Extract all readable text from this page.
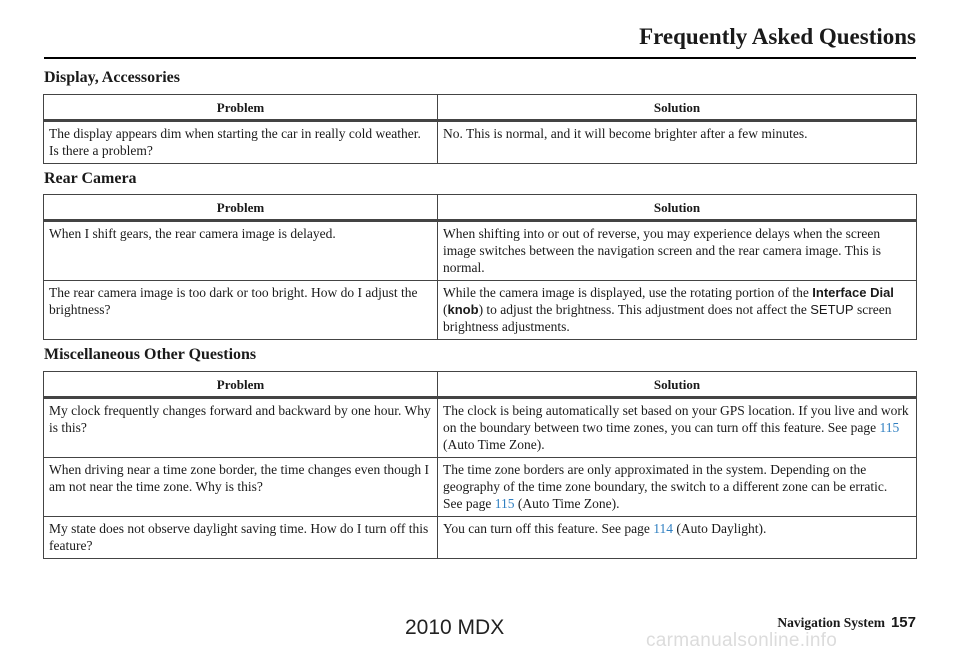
Frequently Asked Questions
Display, Accessories
Problem	Solution
The display appears dim when starting the car in really cold weather. Is there a problem?	No. This is normal, and it will become brighter after a few minutes.
Rear Camera
Problem	Solution
When I shift gears, the rear camera image is delayed.	When shifting into or out of reverse, you may experience delays when the screen image switches between the navigation screen and the rear camera image. This is normal.
The rear camera image is too dark or too bright. How do I adjust the brightness?	While the camera image is displayed, use the rotating portion of the Interface Dial (knob) to adjust the brightness. This adjustment does not affect the SETUP screen brightness adjustments.
Miscellaneous Other Questions
Problem	Solution
My clock frequently changes forward and backward by one hour. Why is this?	The clock is being automatically set based on your GPS location. If you live and work on the boundary between two time zones, you can turn off this feature. See page 115 (Auto Time Zone).
When driving near a time zone border, the time changes even though I am not near the time zone. Why is this?	The time zone borders are only approximated in the system. Depending on the geography of the time zone boundary, the switch to a different zone can be erratic. See page 115 (Auto Time Zone).
My state does not observe daylight saving time. How do I turn off this feature?	You can turn off this feature. See page 114 (Auto Daylight).
Navigation System 157
2010 MDX
carmanualsonline.info
